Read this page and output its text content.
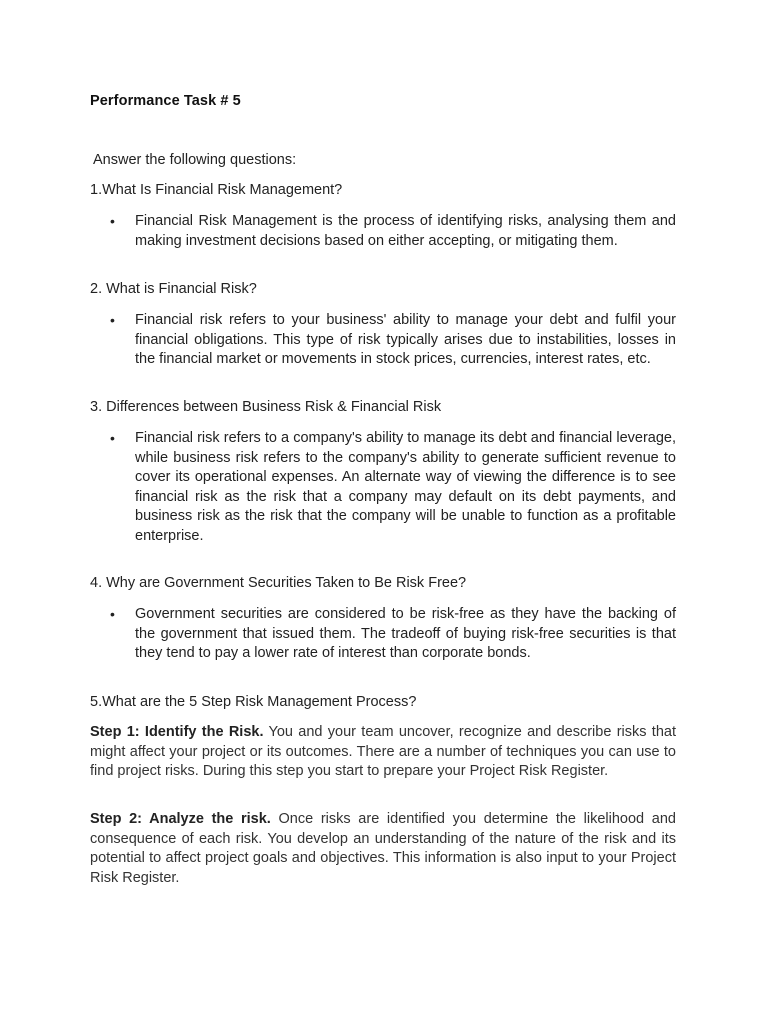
Performance Task # 5
Answer the following questions:
1.What Is Financial Risk Management?
•	Financial Risk Management is the process of identifying risks, analysing them and making investment decisions based on either accepting, or mitigating them.
2. What is Financial Risk?
•	Financial risk refers to your business' ability to manage your debt and fulfil your financial obligations. This type of risk typically arises due to instabilities, losses in the financial market or movements in stock prices, currencies, interest rates, etc.
3. Differences between Business Risk & Financial Risk
•	Financial risk refers to a company's ability to manage its debt and financial leverage, while business risk refers to the company's ability to generate sufficient revenue to cover its operational expenses. An alternate way of viewing the difference is to see financial risk as the risk that a company may default on its debt payments, and business risk as the risk that the company will be unable to function as a profitable enterprise.
4. Why are Government Securities Taken to Be Risk Free?
•	Government securities are considered to be risk-free as they have the backing of the government that issued them. The tradeoff of buying risk-free securities is that they tend to pay a lower rate of interest than corporate bonds.
5.What are the 5 Step Risk Management Process?
Step 1: Identify the Risk. You and your team uncover, recognize and describe risks that might affect your project or its outcomes. There are a number of techniques you can use to find project risks. During this step you start to prepare your Project Risk Register.
Step 2: Analyze the risk. Once risks are identified you determine the likelihood and consequence of each risk. You develop an understanding of the nature of the risk and its potential to affect project goals and objectives. This information is also input to your Project Risk Register.
